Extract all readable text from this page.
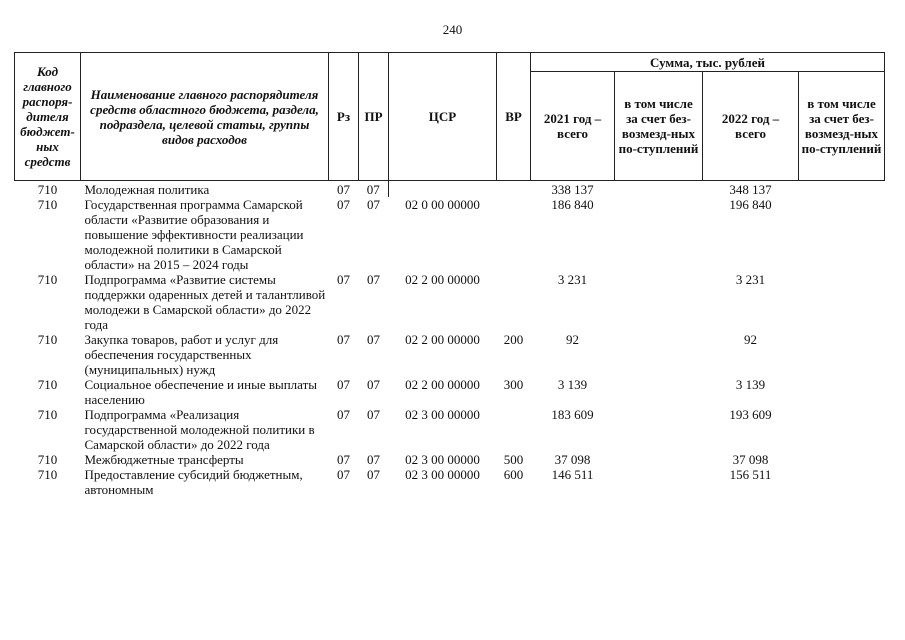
240
Код главного распоря-дителя бюджет-ных средств	Наименование главного распорядителя средств областного бюджета, раздела, подраздела, целевой статьи, группы видов расходов	Рз	ПР	ЦСР	ВР	Сумма, тыс. рублей			
						2021 год – всего	в том числе за счет без-возмезд-ных по-ступлений	2022 год – всего	в том числе за счет без-возмезд-ных по-ступлений
710	Молодежная политика	07	07			338 137		348 137	
710	Государственная программа Самарской области «Развитие образования и повышение эффективности реализации молодежной политики в Самарской области» на 2015 – 2024 годы	07	07	02 0 00 00000		186 840		196 840	
710	Подпрограмма «Развитие системы поддержки одаренных детей и талантливой молодежи в Самарской области» до 2022 года	07	07	02 2 00 00000		3 231		3 231	
710	Закупка товаров, работ и услуг для обеспечения государственных (муниципальных) нужд	07	07	02 2 00 00000	200	92		92	
710	Социальное обеспечение и иные выплаты населению	07	07	02 2 00 00000	300	3 139		3 139	
710	Подпрограмма «Реализация государственной молодежной политики в Самарской области» до 2022 года	07	07	02 3 00 00000		183 609		193 609	
710	Межбюджетные трансферты	07	07	02 3 00 00000	500	37 098		37 098	
710	Предоставление субсидий бюджетным, автономным	07	07	02 3 00 00000	600	146 511		156 511	
